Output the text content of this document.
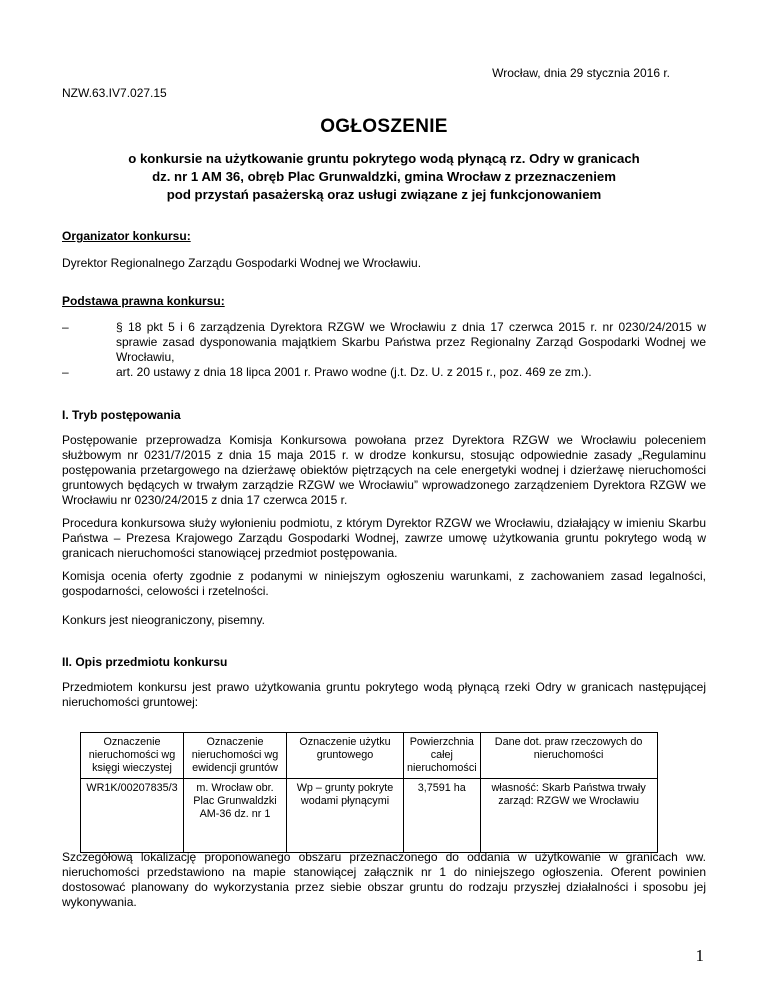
Wrocław, dnia 29 stycznia 2016 r.
NZW.63.IV7.027.15
OGŁOSZENIE
o konkursie na użytkowanie gruntu pokrytego wodą płynącą rz. Odry w granicach
dz. nr 1 AM 36, obręb Plac Grunwaldzki, gmina Wrocław z przeznaczeniem
pod przystań pasażerską oraz usługi związane z jej funkcjonowaniem
Organizator konkursu:
Dyrektor Regionalnego Zarządu Gospodarki Wodnej we Wrocławiu.
Podstawa prawna konkursu:
–	§ 18 pkt 5 i 6 zarządzenia Dyrektora RZGW we Wrocławiu z dnia 17 czerwca 2015 r. nr 0230/24/2015 w sprawie zasad dysponowania majątkiem Skarbu Państwa przez Regionalny Zarząd Gospodarki Wodnej we Wrocławiu,
–	art. 20 ustawy z dnia 18 lipca 2001 r. Prawo wodne (j.t. Dz. U. z 2015 r., poz. 469 ze zm.).
I. Tryb postępowania
Postępowanie przeprowadza Komisja Konkursowa powołana przez Dyrektora RZGW we Wrocławiu poleceniem służbowym nr 0231/7/2015 z dnia 15 maja 2015 r. w drodze konkursu, stosując odpowiednie zasady „Regulaminu postępowania przetargowego na dzierżawę obiektów piętrzących na cele energetyki wodnej i dzierżawę nieruchomości gruntowych będących w trwałym zarządzie RZGW we Wrocławiu” wprowadzonego zarządzeniem Dyrektora RZGW we Wrocławiu nr 0230/24/2015 z dnia 17 czerwca 2015 r.
Procedura konkursowa służy wyłonieniu podmiotu, z którym Dyrektor RZGW we Wrocławiu, działający w imieniu Skarbu Państwa – Prezesa Krajowego Zarządu Gospodarki Wodnej, zawrze umowę użytkowania gruntu pokrytego wodą w granicach nieruchomości stanowiącej przedmiot postępowania.
Komisja ocenia oferty zgodnie z podanymi w niniejszym ogłoszeniu warunkami, z zachowaniem zasad legalności, gospodarności, celowości i rzetelności.
Konkurs jest nieograniczony, pisemny.
II. Opis przedmiotu konkursu
Przedmiotem konkursu jest prawo użytkowania gruntu pokrytego wodą płynącą rzeki Odry w granicach następującej nieruchomości gruntowej:
Oznaczenie nieruchomości wg księgi wieczystej	Oznaczenie nieruchomości wg ewidencji gruntów	Oznaczenie użytku gruntowego	Powierzchnia całej nieruchomości	Dane dot. praw rzeczowych do nieruchomości
WR1K/00207835/3	m. Wrocław obr. Plac Grunwaldzki AM-36 dz. nr 1	Wp – grunty pokryte wodami płynącymi	3,7591 ha	własność: Skarb Państwa trwały zarząd: RZGW we Wrocławiu
Szczegółową lokalizację proponowanego obszaru przeznaczonego do oddania w użytkowanie w granicach ww. nieruchomości przedstawiono na mapie stanowiącej załącznik nr 1 do niniejszego ogłoszenia. Oferent powinien dostosować planowany do wykorzystania przez siebie obszar gruntu do rodzaju przyszłej działalności i sposobu jej wykonywania.
1
